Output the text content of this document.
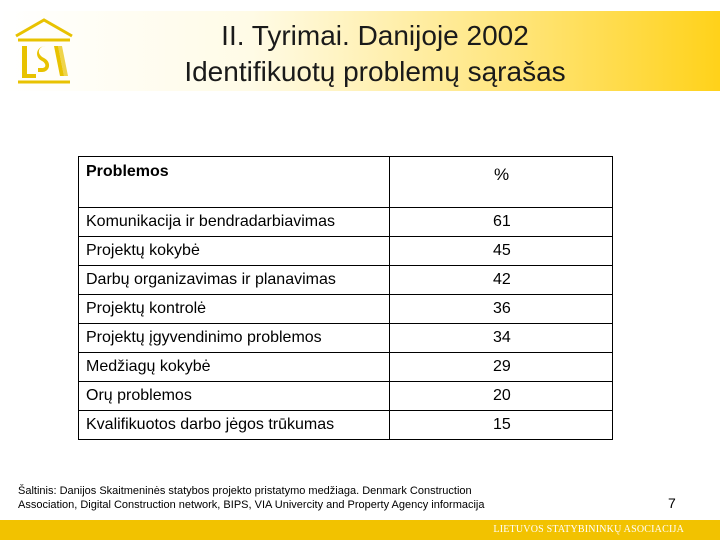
II. Tyrimai. Danijoje 2002
Identifikuotų problemų sąrašas
Problemos	%
Komunikacija ir bendradarbiavimas	61
Projektų kokybė	45
Darbų organizavimas ir planavimas	42
Projektų kontrolė	36
Projektų įgyvendinimo problemos	34
Medžiagų kokybė	29
Orų problemos	20
Kvalifikuotos darbo jėgos trūkumas	15
Šaltinis: Danijos Skaitmeninės statybos projekto pristatymo medžiaga. Denmark Construction
Association, Digital Construction network, BIPS, VIA Univercity and Property Agency informacija	7
LIETUVOS STATYBININKŲ ASOCIACIJA
